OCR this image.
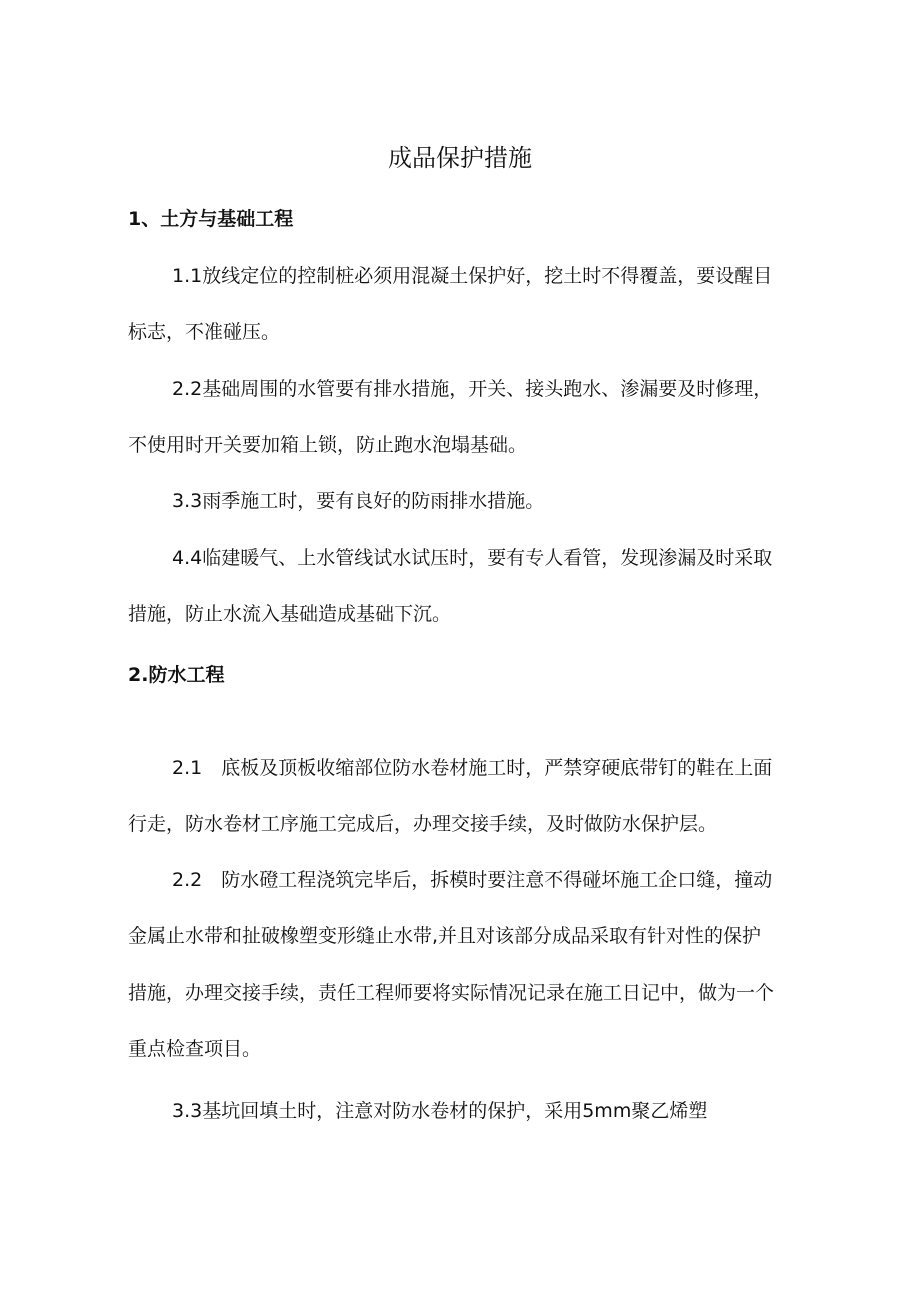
成品保护措施
1、土方与基础工程
1.1放线定位的控制桩必须用混凝土保护好，挖土时不得覆盖，要设醒目
标志，不准碰压。
2.2基础周围的水管要有排水措施，开关、接头跑水、渗漏要及时修理，
不使用时开关要加箱上锁，防止跑水泡塌基础。
3.3雨季施工时，要有良好的防雨排水措施。
4.4临建暖气、上水管线试水试压时，要有专人看管，发现渗漏及时采取
措施，防止水流入基础造成基础下沉。
2.防水工程
2.1　底板及顶板收缩部位防水卷材施工时，严禁穿硬底带钉的鞋在上面
行走，防水卷材工序施工完成后，办理交接手续，及时做防水保护层。
2.2　防水磴工程浇筑完毕后，拆模时要注意不得碰坏施工企口缝，撞动
金属止水带和扯破橡塑变形缝止水带,并且对该部分成品采取有针对性的保护
措施，办理交接手续，责任工程师要将实际情况记录在施工日记中，做为一个
重点检查项目。
3.3基坑回填土时，注意对防水卷材的保护，采用5mm聚乙烯塑
